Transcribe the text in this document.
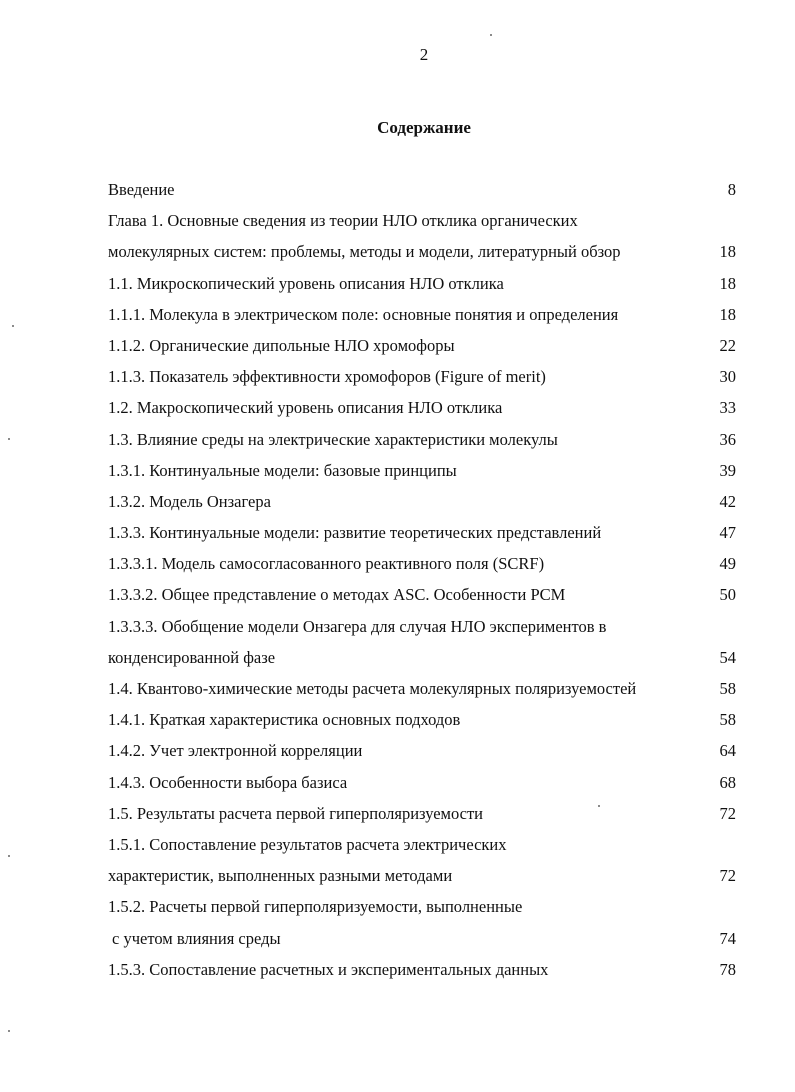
2
Содержание
Введение	8
Глава 1. Основные сведения из теории НЛО отклика органических
молекулярных систем: проблемы, методы и модели, литературный обзор	18
1.1. Микроскопический уровень описания НЛО отклика	18
1.1.1. Молекула в электрическом поле: основные понятия и определения	18
1.1.2. Органические дипольные НЛО хромофоры	22
1.1.3. Показатель эффективности хромофоров (Figure of merit)	30
1.2. Макроскопический уровень описания НЛО отклика	33
1.3. Влияние среды на электрические характеристики молекулы	36
1.3.1. Континуальные модели: базовые принципы	39
1.3.2. Модель Онзагера	42
1.3.3. Континуальные модели: развитие теоретических представлений	47
1.3.3.1. Модель самосогласованного реактивного поля (SCRF)	49
1.3.3.2. Общее представление о методах ASC. Особенности PCM	50
1.3.3.3. Обобщение модели Онзагера для случая НЛО экспериментов в
конденсированной фазе	54
1.4. Квантово-химические методы расчета молекулярных поляризуемостей	58
1.4.1. Краткая характеристика основных подходов	58
1.4.2. Учет электронной корреляции	64
1.4.3. Особенности выбора базиса	68
1.5. Результаты расчета первой гиперполяризуемости	72
1.5.1. Сопоставление результатов расчета электрических
характеристик, выполненных разными методами	72
1.5.2. Расчеты первой гиперполяризуемости, выполненные
с учетом влияния среды	74
1.5.3. Сопоставление расчетных и экспериментальных данных	78
